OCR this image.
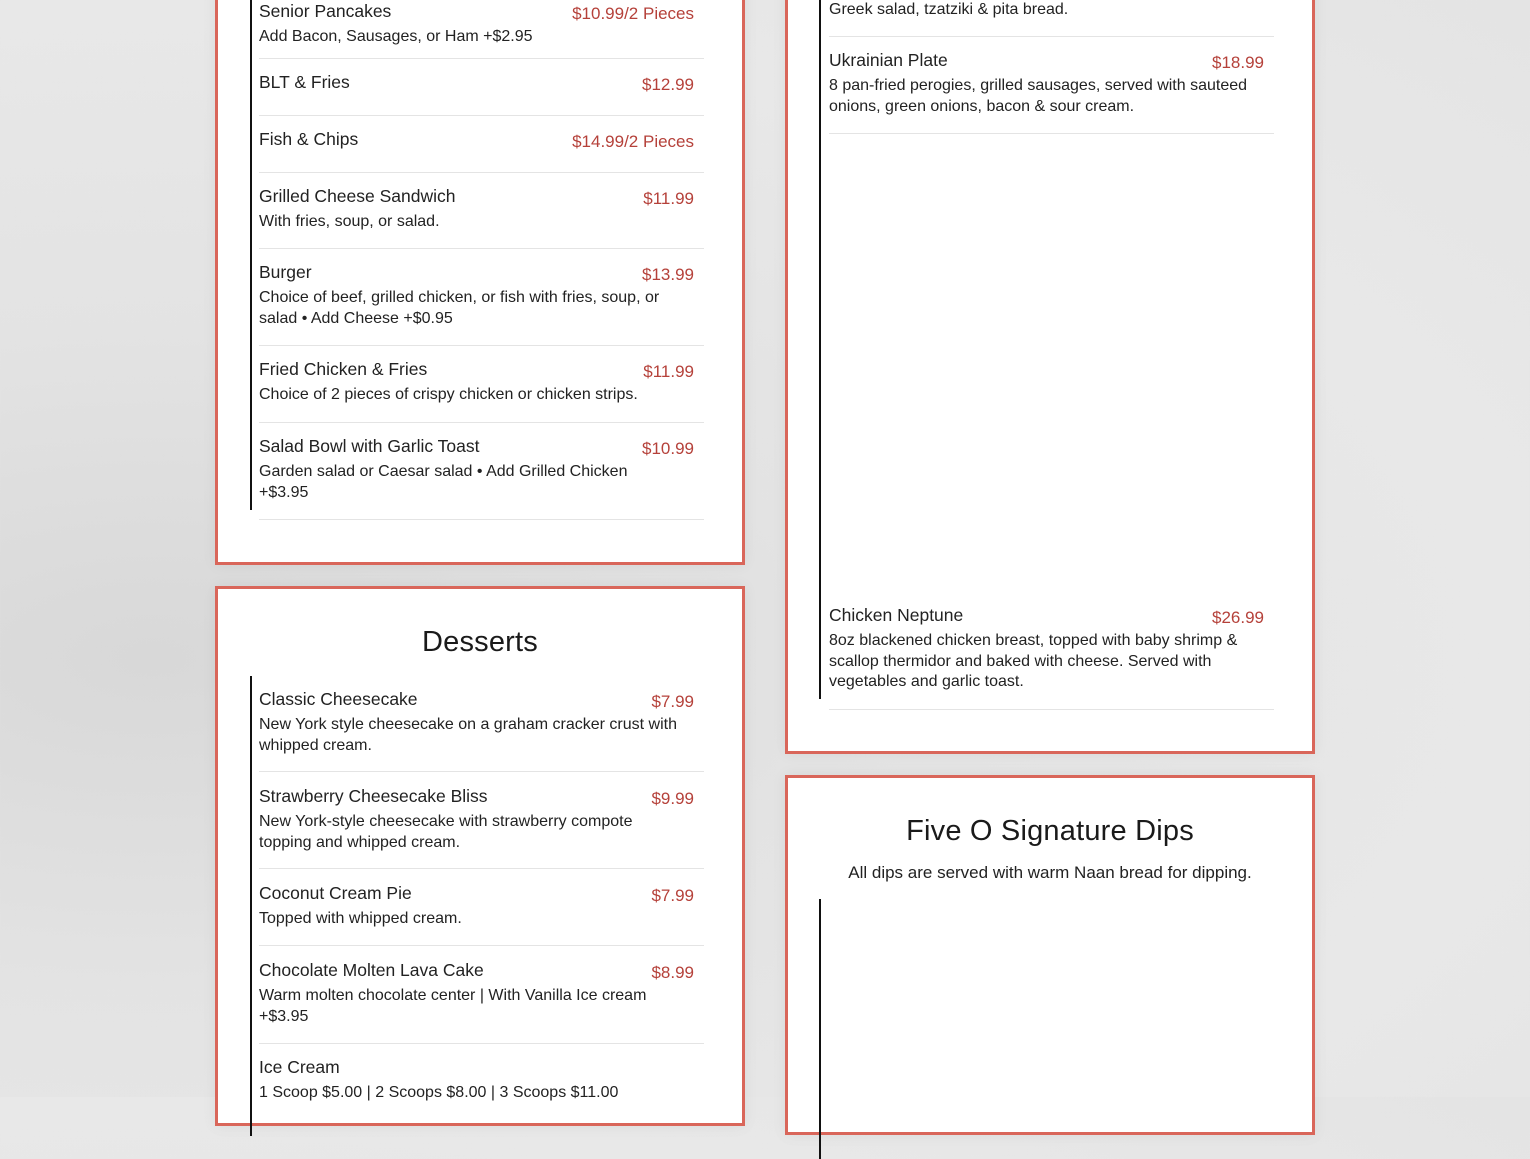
Senior Pancakes	$10.99/2 Pieces
Add Bacon, Sausages, or Ham +$2.95
BLT & Fries	$12.99
Fish & Chips	$14.99/2 Pieces
Grilled Cheese Sandwich	$11.99
With fries, soup, or salad.
Burger	$13.99
Choice of beef, grilled chicken, or fish with fries, soup, or salad • Add Cheese +$0.95
Fried Chicken & Fries	$11.99
Choice of 2 pieces of crispy chicken or chicken strips.
Salad Bowl with Garlic Toast	$10.99
Garden salad or Caesar salad • Add Grilled Chicken +$3.95
Desserts
Classic Cheesecake	$7.99
New York style cheesecake on a graham cracker crust with whipped cream.
Strawberry Cheesecake Bliss	$9.99
New York-style cheesecake with strawberry compote topping and whipped cream.
Coconut Cream Pie	$7.99
Topped with whipped cream.
Chocolate Molten Lava Cake	$8.99
Warm molten chocolate center | With Vanilla Ice cream +$3.95
Ice Cream
1 Scoop $5.00 | 2 Scoops $8.00 | 3 Scoops $11.00
Greek salad, tzatziki & pita bread.
Ukrainian Plate	$18.99
8 pan-fried perogies, grilled sausages, served with sauteed onions, green onions, bacon & sour cream.
Chicken Neptune	$26.99
8oz blackened chicken breast, topped with baby shrimp & scallop thermidor and baked with cheese. Served with vegetables and garlic toast.
Five O Signature Dips
All dips are served with warm Naan bread for dipping.
